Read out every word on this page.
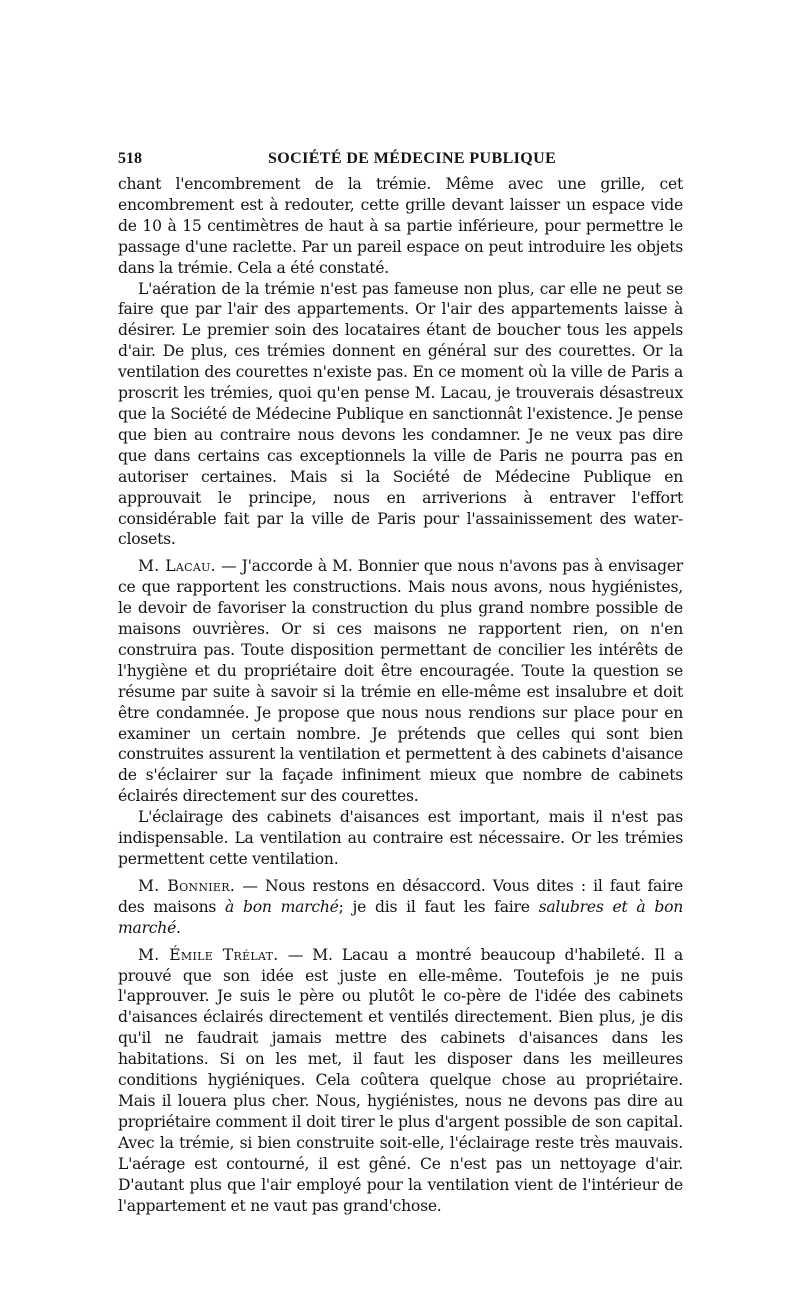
518	SOCIÉTÉ DE MÉDECINE PUBLIQUE

chant l'encombrement de la trémie. Même avec une grille, cet encombrement est à redouter, cette grille devant laisser un espace vide de 10 à 15 centimètres de haut à sa partie inférieure, pour permettre le passage d'une raclette. Par un pareil espace on peut introduire les objets dans la trémie. Cela a été constaté.

L'aération de la trémie n'est pas fameuse non plus, car elle ne peut se faire que par l'air des appartements. Or l'air des appartements laisse à désirer. Le premier soin des locataires étant de boucher tous les appels d'air. De plus, ces trémies donnent en général sur des courettes. Or la ventilation des courettes n'existe pas. En ce moment où la ville de Paris a proscrit les trémies, quoi qu'en pense M. Lacau, je trouverais désastreux que la Société de Médecine Publique en sanctionnât l'existence. Je pense que bien au contraire nous devons les condamner. Je ne veux pas dire que dans certains cas exceptionnels la ville de Paris ne pourra pas en autoriser certaines. Mais si la Société de Médecine Publique en approuvait le principe, nous en arriverions à entraver l'effort considérable fait par la ville de Paris pour l'assainissement des water-closets.

M. Lacau. — J'accorde à M. Bonnier que nous n'avons pas à envisager ce que rapportent les constructions. Mais nous avons, nous hygiénistes, le devoir de favoriser la construction du plus grand nombre possible de maisons ouvrières. Or si ces maisons ne rapportent rien, on n'en construira pas. Toute disposition permettant de concilier les intérêts de l'hygiène et du propriétaire doit être encouragée. Toute la question se résume par suite à savoir si la trémie en elle-même est insalubre et doit être condamnée. Je propose que nous nous rendions sur place pour en examiner un certain nombre. Je prétends que celles qui sont bien construites assurent la ventilation et permettent à des cabinets d'aisance de s'éclairer sur la façade infiniment mieux que nombre de cabinets éclairés directement sur des courettes.

L'éclairage des cabinets d'aisances est important, mais il n'est pas indispensable. La ventilation au contraire est nécessaire. Or les trémies permettent cette ventilation.

M. Bonnier. — Nous restons en désaccord. Vous dites : il faut faire des maisons à bon marché; je dis il faut les faire salubres et à bon marché.

M. Émile Trélat. — M. Lacau a montré beaucoup d'habileté. Il a prouvé que son idée est juste en elle-même. Toutefois je ne puis l'approuver. Je suis le père ou plutôt le co-père de l'idée des cabinets d'aisances éclairés directement et ventilés directement. Bien plus, je dis qu'il ne faudrait jamais mettre des cabinets d'aisances dans les habitations. Si on les met, il faut les disposer dans les meilleures conditions hygiéniques. Cela coûtera quelque chose au propriétaire. Mais il louera plus cher. Nous, hygiénistes, nous ne devons pas dire au propriétaire comment il doit tirer le plus d'argent possible de son capital. Avec la trémie, si bien construite soit-elle, l'éclairage reste très mauvais. L'aérage est contourné, il est gêné. Ce n'est pas un nettoyage d'air. D'autant plus que l'air employé pour la ventilation vient de l'intérieur de l'appartement et ne vaut pas grand'chose.
